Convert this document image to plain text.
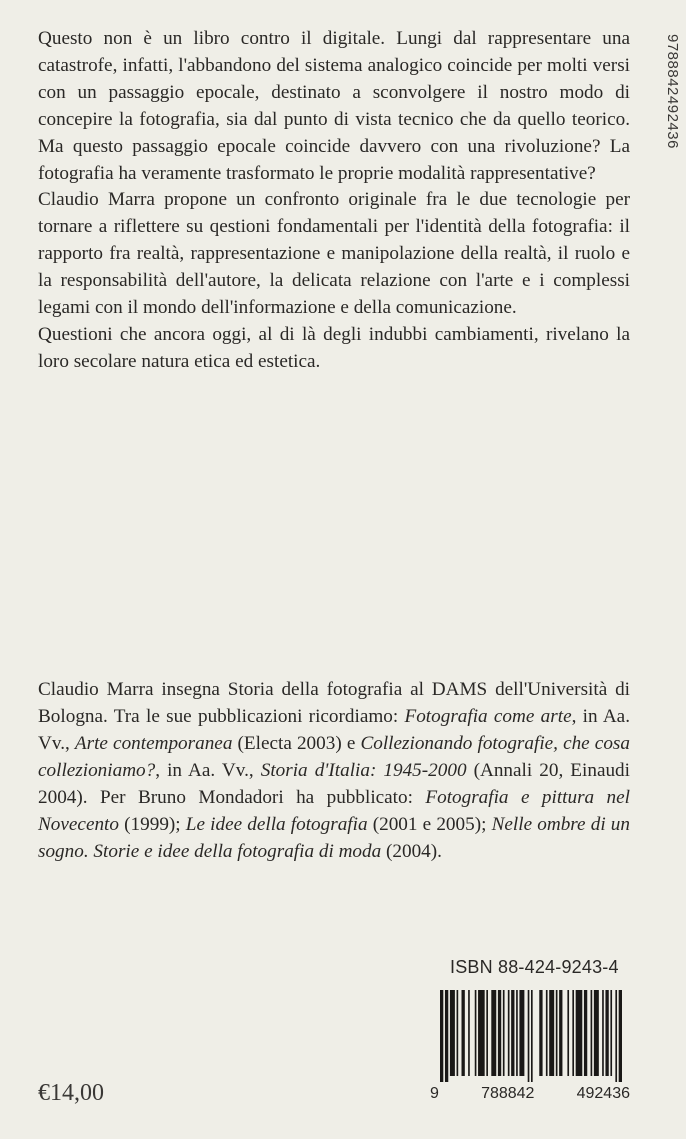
9788842492436

Questo non è un libro contro il digitale. Lungi dal rappresentare una catastrofe, infatti, l'abbandono del sistema analogico coincide per molti versi con un passaggio epocale, destinato a sconvolgere il nostro modo di concepire la fotografia, sia dal punto di vista tecnico che da quello teorico. Ma questo passaggio epocale coincide davvero con una rivoluzione? La fotografia ha veramente trasformato le proprie modalità rappresentative?

Claudio Marra propone un confronto originale fra le due tecnologie per tornare a riflettere su qestioni fondamentali per l'identità della fotografia: il rapporto fra realtà, rappresentazione e manipolazione della realtà, il ruolo e la responsabilità dell'autore, la delicata relazione con l'arte e i complessi legami con il mondo dell'informazione e della comunicazione.

Questioni che ancora oggi, al di là degli indubbi cambiamenti, rivelano la loro secolare natura etica ed estetica.

Claudio Marra insegna Storia della fotografia al DAMS dell'Università di Bologna. Tra le sue pubblicazioni ricordiamo: Fotografia come arte, in Aa. Vv., Arte contemporanea (Electa 2003) e Collezionando fotografie, che cosa collezioniamo?, in Aa. Vv., Storia d'Italia: 1945-2000 (Annali 20, Einaudi 2004). Per Bruno Mondadori ha pubblicato: Fotografia e pittura nel Novecento (1999); Le idee della fotografia (2001 e 2005); Nelle ombre di un sogno. Storie e idee della fotografia di moda (2004).

ISBN 88-424-9243-4
9	788842	492436
€14,00
